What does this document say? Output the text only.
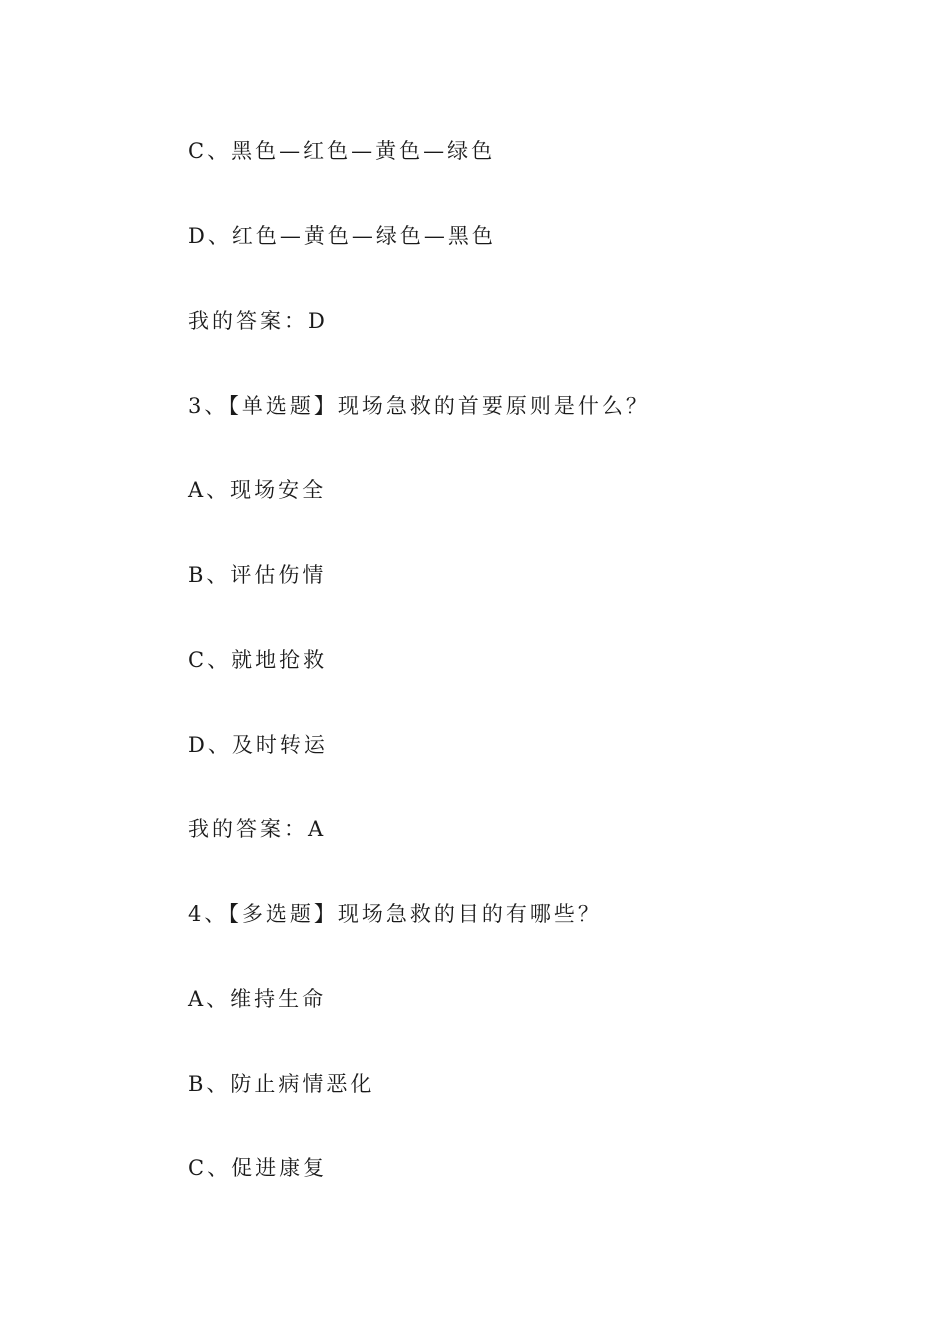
C、黑色—红色—黄色—绿色
D、红色—黄色—绿色—黑色
我的答案：D
3、【单选题】现场急救的首要原则是什么？
A、现场安全
B、评估伤情
C、就地抢救
D、及时转运
我的答案：A
4、【多选题】现场急救的目的有哪些？
A、维持生命
B、防止病情恶化
C、促进康复
